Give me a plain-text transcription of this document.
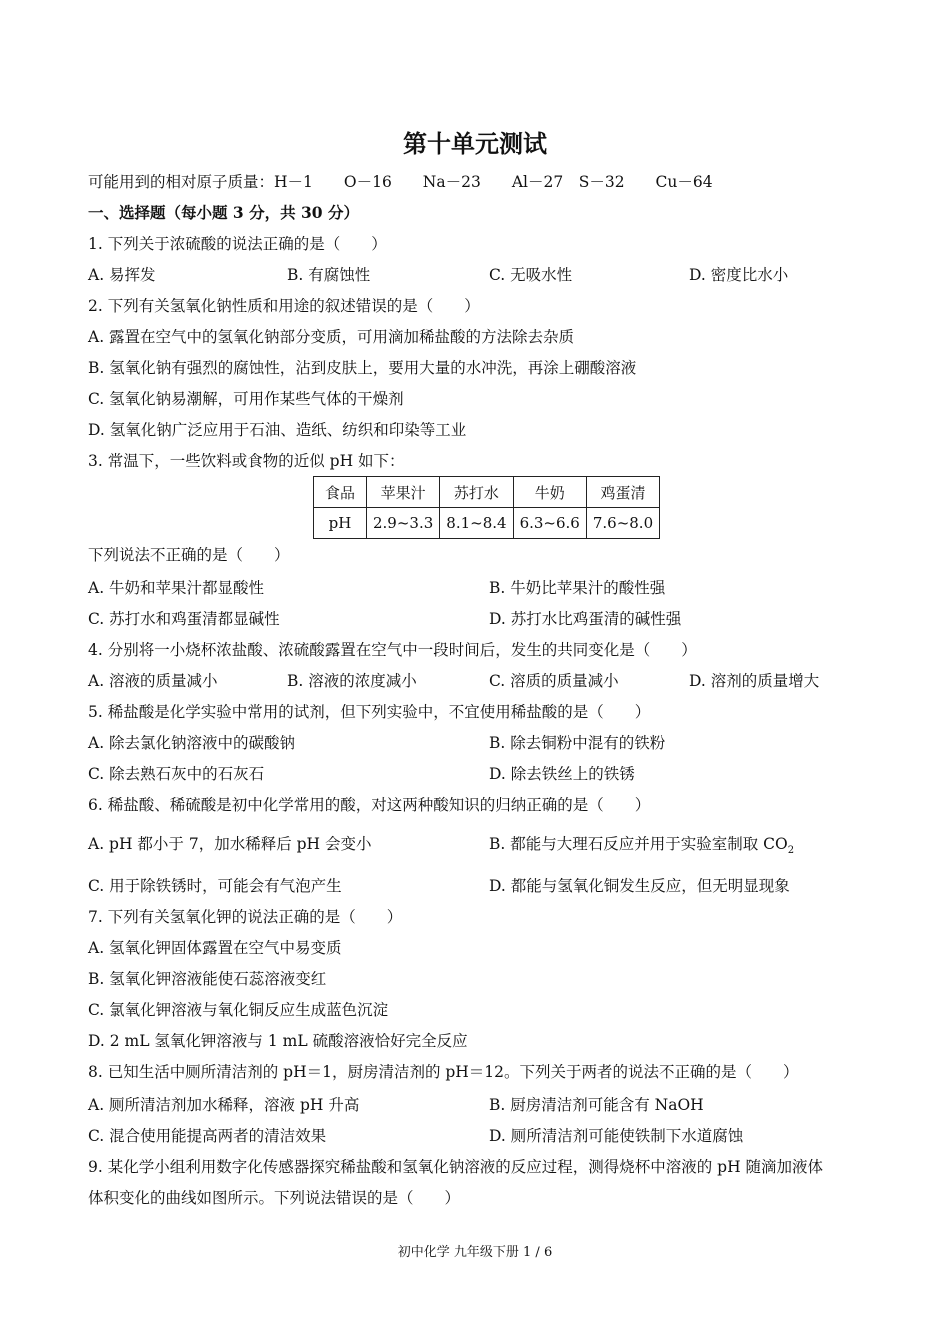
第十单元测试
可能用到的相对原子质量：H－1　　O－16　　Na－23　　Al－27　S－32　　Cu－64
一、选择题（每小题 3 分，共 30 分）
1. 下列关于浓硫酸的说法正确的是（　　）
A. 易挥发	B. 有腐蚀性	C. 无吸水性	D. 密度比水小
2. 下列有关氢氧化钠性质和用途的叙述错误的是（　　）
A. 露置在空气中的氢氧化钠部分变质，可用滴加稀盐酸的方法除去杂质
B. 氢氧化钠有强烈的腐蚀性，沾到皮肤上，要用大量的水冲洗，再涂上硼酸溶液
C. 氢氧化钠易潮解，可用作某些气体的干燥剂
D. 氢氧化钠广泛应用于石油、造纸、纺织和印染等工业
3. 常温下，一些饮料或食物的近似 pH 如下：
食品	苹果汁	苏打水	牛奶	鸡蛋清
pH	2.9~3.3	8.1~8.4	6.3~6.6	7.6~8.0
下列说法不正确的是（　　）
A. 牛奶和苹果汁都显酸性	B. 牛奶比苹果汁的酸性强
C. 苏打水和鸡蛋清都显碱性	D. 苏打水比鸡蛋清的碱性强
4. 分别将一小烧杯浓盐酸、浓硫酸露置在空气中一段时间后，发生的共同变化是（　　）
A. 溶液的质量减小	B. 溶液的浓度减小	C. 溶质的质量减小	D. 溶剂的质量增大
5. 稀盐酸是化学实验中常用的试剂，但下列实验中，不宜使用稀盐酸的是（　　）
A. 除去氯化钠溶液中的碳酸钠	B. 除去铜粉中混有的铁粉
C. 除去熟石灰中的石灰石	D. 除去铁丝上的铁锈
6. 稀盐酸、稀硫酸是初中化学常用的酸，对这两种酸知识的归纳正确的是（　　）
A. pH 都小于 7，加水稀释后 pH 会变小	B. 都能与大理石反应并用于实验室制取 $CO_2$
C. 用于除铁锈时，可能会有气泡产生	D. 都能与氢氧化铜发生反应，但无明显现象
7. 下列有关氢氧化钾的说法正确的是（　　）
A. 氢氧化钾固体露置在空气中易变质
B. 氢氧化钾溶液能使石蕊溶液变红
C. 氯氧化钾溶液与氧化铜反应生成蓝色沉淀
D. 2 mL 氢氧化钾溶液与 1 mL 硫酸溶液恰好完全反应
8. 已知生活中厕所清洁剂的 pH＝1，厨房清洁剂的 pH＝12。下列关于两者的说法不正确的是（　　）
A. 厕所清洁剂加水稀释，溶液 pH 升高	B. 厨房清洁剂可能含有 NaOH
C. 混合使用能提高两者的清洁效果	D. 厕所清洁剂可能使铁制下水道腐蚀
9. 某化学小组利用数字化传感器探究稀盐酸和氢氧化钠溶液的反应过程，测得烧杯中溶液的 pH 随滴加液体
体积变化的曲线如图所示。下列说法错误的是（　　）
初中化学 九年级下册 1 / 6
